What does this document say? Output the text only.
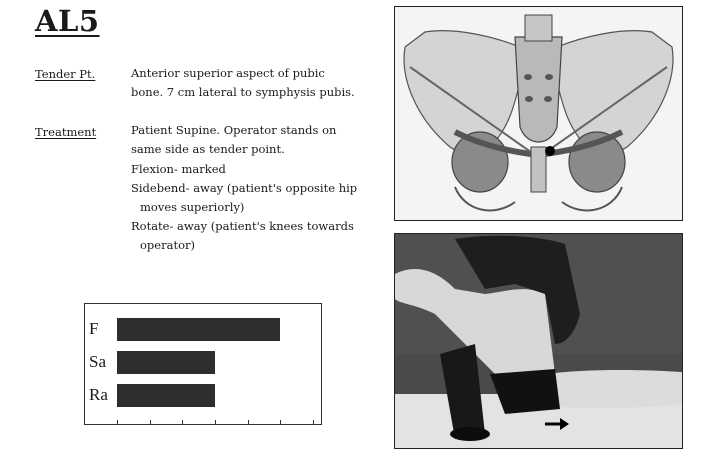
AL5
Tender Pt.	Anterior superior aspect of pubic
bone. 7 cm lateral to symphysis pubis.
Treatment	Patient Supine. Operator stands on
same side as tender point.
Flexion- marked
Sidebend- away (patient's opposite hip
moves superiorly)
Rotate- away (patient's knees towards
operator)
F
Sa
Ra
